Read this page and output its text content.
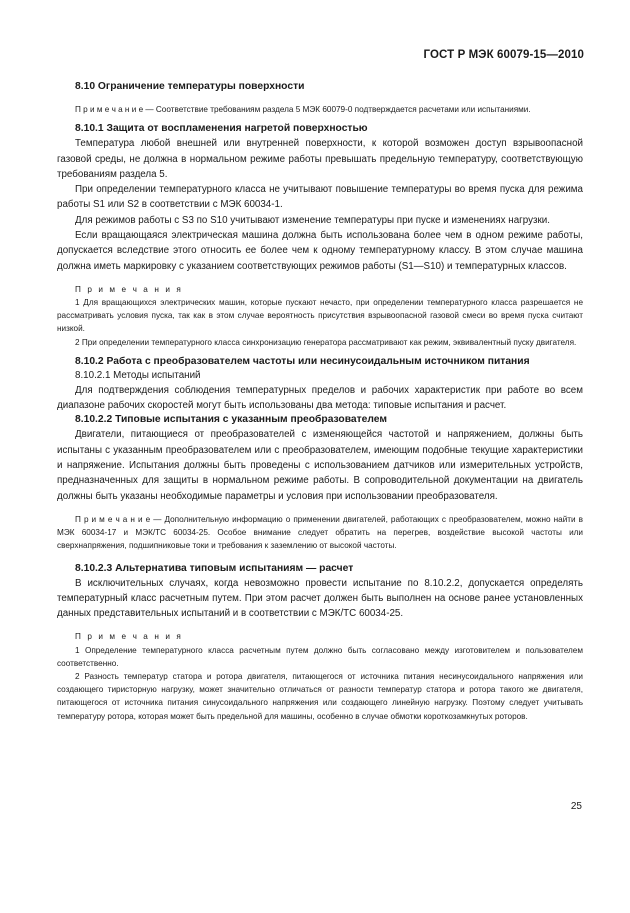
ГОСТ Р МЭК 60079-15—2010
8.10 Ограничение температуры поверхности
П р и м е ч а н и е — Соответствие требованиям раздела 5 МЭК 60079-0 подтверждается расчетами или испытаниями.
8.10.1 Защита от воспламенения нагретой поверхностью
Температура любой внешней или внутренней поверхности, к которой возможен доступ взрывоопасной газовой среды, не должна в нормальном режиме работы превышать предельную температуру, соответствующую требованиям раздела 5.
При определении температурного класса не учитывают повышение температуры во время пуска для режима работы S1 или S2 в соответствии с МЭК 60034-1.
Для режимов работы с S3 по S10 учитывают изменение температуры при пуске и изменениях нагрузки.
Если вращающаяся электрическая машина должна быть использована более чем в одном режиме работы, допускается вследствие этого относить ее более чем к одному температурному классу. В этом случае машина должна иметь маркировку с указанием соответствующих режимов работы (S1—S10) и температурных классов.
П р и м е ч а н и я
1 Для вращающихся электрических машин, которые пускают нечасто, при определении температурного класса разрешается не рассматривать условия пуска, так как в этом случае вероятность присутствия взрывоопасной газовой смеси во время пуска считают низкой.
2 При определении температурного класса синхронизацию генератора рассматривают как режим, эквивалентный пуску двигателя.
8.10.2 Работа с преобразователем частоты или несинусоидальным источником питания
8.10.2.1 Методы испытаний
Для подтверждения соблюдения температурных пределов и рабочих характеристик при работе во всем диапазоне рабочих скоростей могут быть использованы два метода: типовые испытания и расчет.
8.10.2.2 Типовые испытания с указанным преобразователем
Двигатели, питающиеся от преобразователей с изменяющейся частотой и напряжением, должны быть испытаны с указанным преобразователем или с преобразователем, имеющим подобные текущие характеристики и напряжение. Испытания должны быть проведены с использованием датчиков или измерительных устройств, предназначенных для защиты в нормальном режиме работы. В сопроводительной документации на двигатель должны быть указаны необходимые параметры и условия при использовании преобразователя.
П р и м е ч а н и е — Дополнительную информацию о применении двигателей, работающих с преобразователем, можно найти в МЭК 60034-17 и МЭК/ТС 60034-25. Особое внимание следует обратить на перегрев, воздействие высокой частоты или сверхнапряжения, подшипниковые токи и требования к заземлению от высокой частоты.
8.10.2.3 Альтернатива типовым испытаниям — расчет
В исключительных случаях, когда невозможно провести испытание по 8.10.2.2, допускается определять температурный класс расчетным путем. При этом расчет должен быть выполнен на основе ранее установленных данных представительных испытаний и в соответствии с МЭК/ТС 60034-25.
П р и м е ч а н и я
1 Определение температурного класса расчетным путем должно быть согласовано между изготовителем и пользователем соответственно.
2 Разность температур статора и ротора двигателя, питающегося от источника питания несинусоидального напряжения или создающего тиристорную нагрузку, может значительно отличаться от разности температур статора и ротора такого же двигателя, питающегося от источника питания синусоидального напряжения или создающего линейную нагрузку. Поэтому следует учитывать температуру ротора, которая может быть предельной для машины, особенно в случае обмотки короткозамкнутых роторов.
25
